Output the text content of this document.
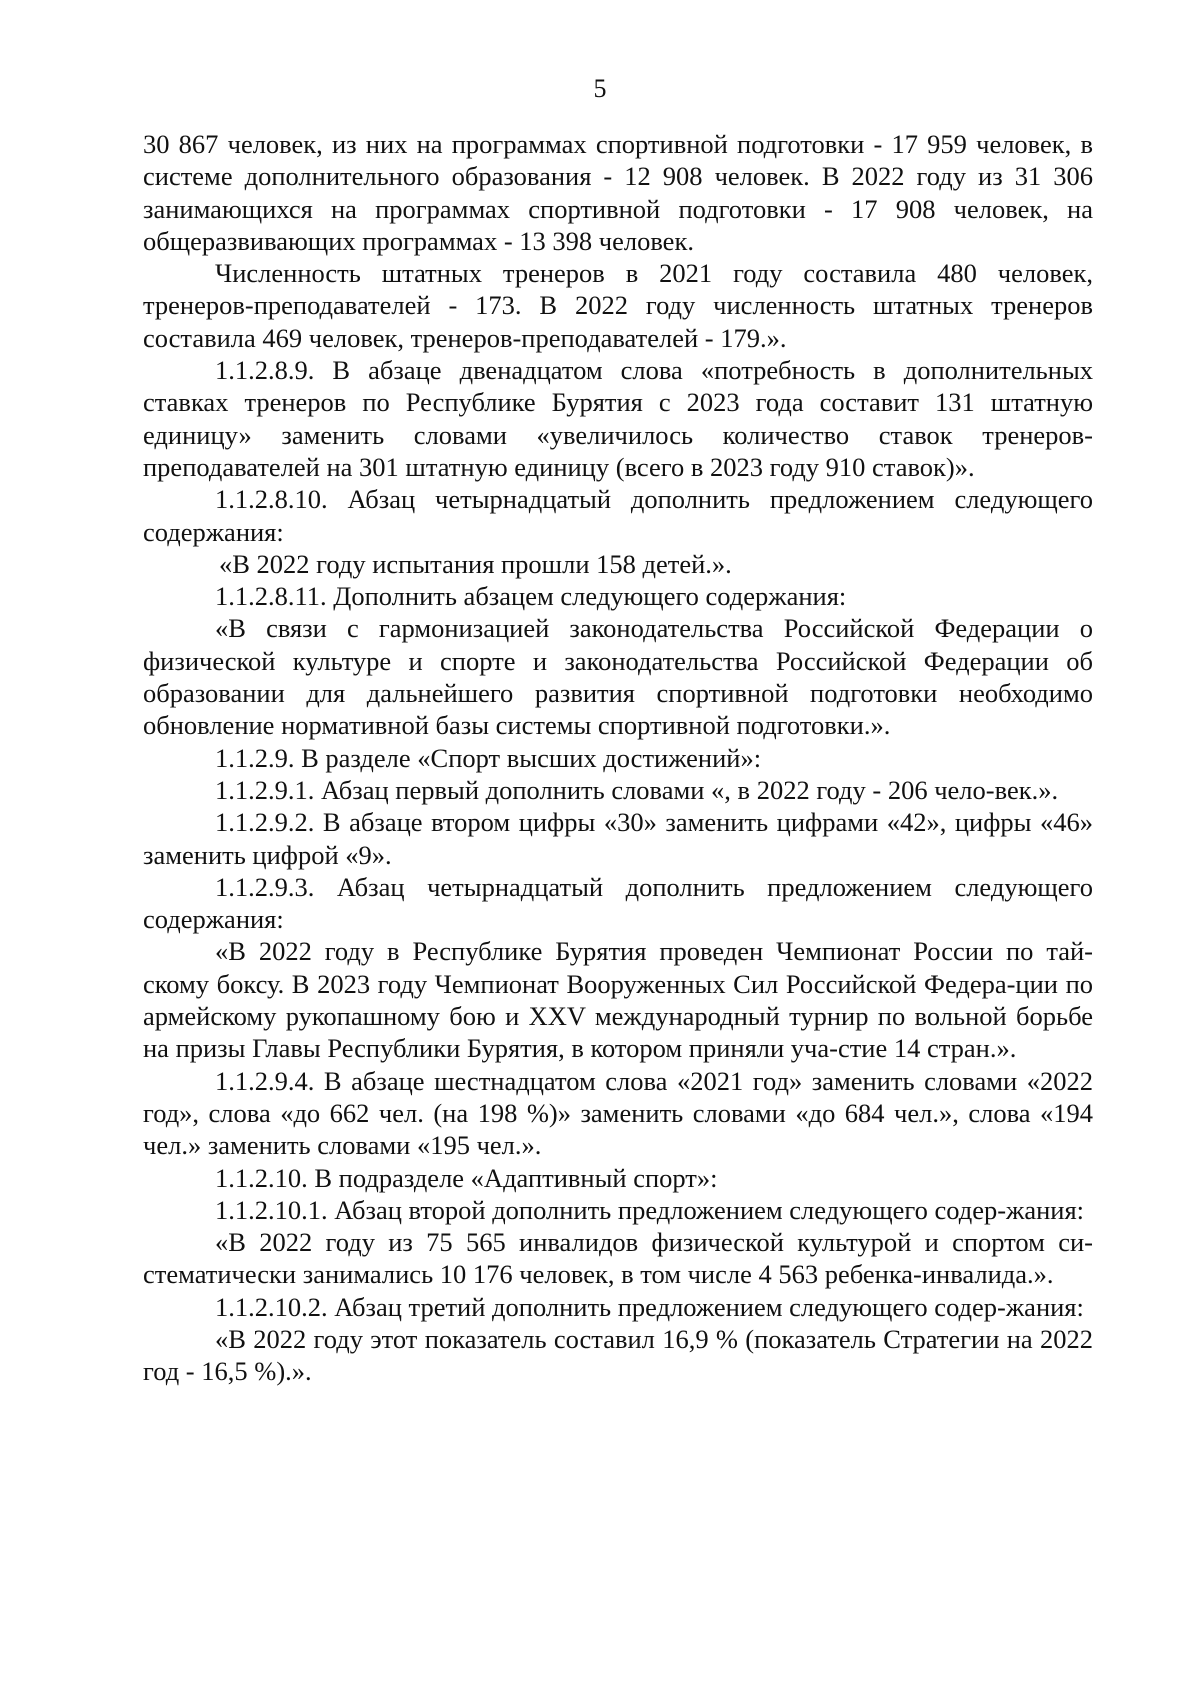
5

30 867 человек, из них на программах спортивной подготовки - 17 959 человек, в системе дополнительного образования - 12 908 человек. В 2022 году из 31 306 занимающихся на программах спортивной подготовки - 17 908 человек, на общеразвивающих программах - 13 398 человек.

Численность штатных тренеров в 2021 году составила 480 человек, тренеров-преподавателей - 173. В 2022 году численность штатных тренеров составила 469 человек, тренеров-преподавателей - 179.».

1.1.2.8.9. В абзаце двенадцатом слова «потребность в дополнительных ставках тренеров по Республике Бурятия с 2023 года составит 131 штатную единицу» заменить словами «увеличилось количество ставок тренеров-преподавателей на 301 штатную единицу (всего в 2023 году 910 ставок)».

1.1.2.8.10. Абзац четырнадцатый дополнить предложением следующего содержания:

«В 2022 году испытания прошли 158 детей.».

1.1.2.8.11. Дополнить абзацем следующего содержания:

«В связи с гармонизацией законодательства Российской Федерации о физической культуре и спорте и законодательства Российской Федерации об образовании для дальнейшего развития спортивной подготовки необходимо обновление нормативной базы системы спортивной подготовки.».

1.1.2.9. В разделе «Спорт высших достижений»:

1.1.2.9.1. Абзац первый дополнить словами «, в 2022 году - 206 чело-век.».

1.1.2.9.2. В абзаце втором цифры «30» заменить цифрами «42», цифры «46» заменить цифрой «9».

1.1.2.9.3. Абзац четырнадцатый дополнить предложением следующего содержания:

«В 2022 году в Республике Бурятия проведен Чемпионат России по тай-скому боксу. В 2023 году Чемпионат Вооруженных Сил Российской Федера-ции по армейскому рукопашному бою и XXV международный турнир по вольной борьбе на призы Главы Республики Бурятия, в котором приняли уча-стие 14 стран.».

1.1.2.9.4. В абзаце шестнадцатом слова «2021 год» заменить словами «2022 год», слова «до 662 чел. (на 198 %)» заменить словами «до 684 чел.», слова «194 чел.» заменить словами «195 чел.».

1.1.2.10. В подразделе «Адаптивный спорт»:

1.1.2.10.1. Абзац второй дополнить предложением следующего содер-жания:

«В 2022 году из 75 565 инвалидов физической культурой и спортом си-стематически занимались 10 176 человек, в том числе 4 563 ребенка-инвалида.».

1.1.2.10.2. Абзац третий дополнить предложением следующего содер-жания:

«В 2022 году этот показатель составил 16,9 % (показатель Стратегии на 2022 год - 16,5 %).».
